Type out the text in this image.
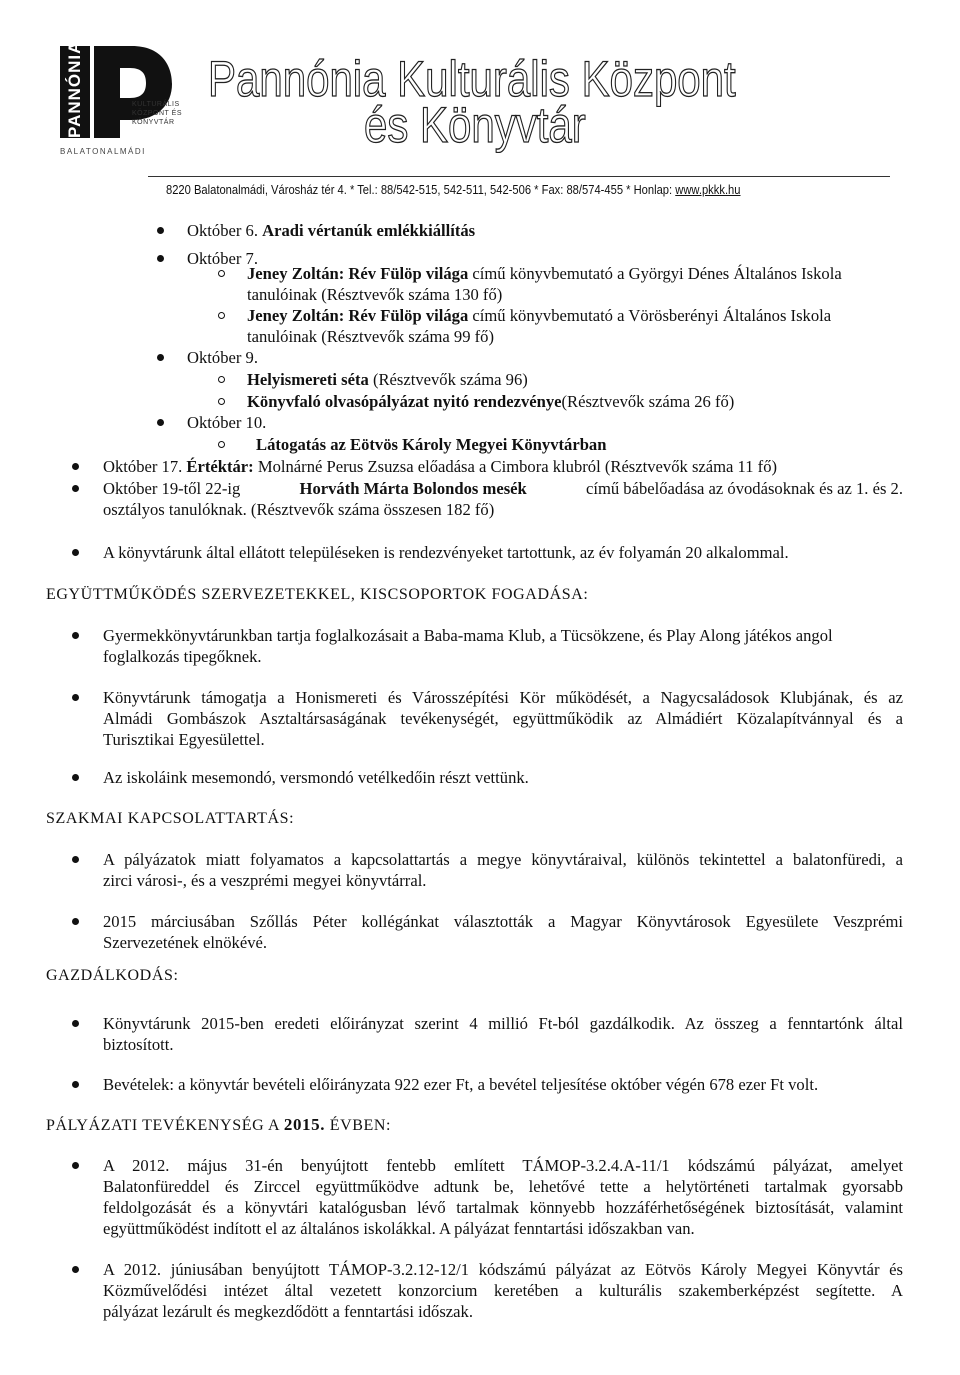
PANNÓNIA	KULTURÁLIS
KÖZPONT ÉS
KÖNYVTÁR
BALATONALMÁDI
Pannónia Kulturális Központ
és Könyvtár
8220 Balatonalmádi, Városház tér 4. * Tel.: 88/542-515, 542-511, 542-506 * Fax: 88/574-455 * Honlap: www.pkkk.hu
Október 6. Aradi vértanúk emlékkiállítás
Október 7.
Jeney Zoltán: Rév Fülöp világa című könyvbemutató a Györgyi Dénes Általános Iskola
tanulóinak (Résztvevők száma 130 fő)
Jeney Zoltán: Rév Fülöp világa című könyvbemutató a Vörösberényi Általános Iskola
tanulóinak (Résztvevők száma 99 fő)
Október 9.
Helyismereti séta (Résztvevők száma 96)
Könyvfaló olvasópályázat nyitó rendezvénye(Résztvevők száma 26 fő)
Október 10.
Látogatás az Eötvös Károly Megyei Könyvtárban
Október 17. Értéktár: Molnárné Perus Zsuzsa előadása a Cimbora klubról (Résztvevők száma 11 fő)
Október 19-től 22-ig	Horváth Márta Bolondos mesék	című bábelőadása az óvodásoknak és az 1. és 2.
osztályos tanulóknak. (Résztvevők száma összesen 182 fő)
A könyvtárunk által ellátott településeken is rendezvényeket tartottunk, az év folyamán 20 alkalommal.
EGYÜTTMŰKÖDÉS SZERVEZETEKKEL, KISCSOPORTOK FOGADÁSA:
Gyermekkönyvtárunkban tartja foglalkozásait a Baba-mama Klub, a Tücsökzene, és Play Along játékos angol
foglalkozás tipegőknek.
Könyvtárunk támogatja a Honismereti és Városszépítési Kör működését, a Nagycsaládosok Klubjának, és az
Almádi Gombászok Asztaltársaságának tevékenységét, együttműködik az Almádiért Közalapítvánnyal és a
Turisztikai Egyesülettel.
Az iskoláink mesemondó, versmondó vetélkedőin részt vettünk.
SZAKMAI KAPCSOLATTARTÁS:
A pályázatok miatt folyamatos a kapcsolattartás a megye könyvtáraival, különös tekintettel a balatonfüredi, a
zirci városi-, és a veszprémi megyei könyvtárral.
2015 márciusában Szőllás Péter kollégánkat választották a Magyar Könyvtárosok Egyesülete Veszprémi
Szervezetének elnökévé.
GAZDÁLKODÁS:
Könyvtárunk 2015-ben eredeti előirányzat szerint 4 millió Ft-ból gazdálkodik. Az összeg a fenntartónk által
biztosított.
Bevételek: a könyvtár bevételi előirányzata 922 ezer Ft, a bevétel teljesítése október végén 678 ezer Ft volt.
PÁLYÁZATI TEVÉKENYSÉG A 2015. ÉVBEN:
A 2012. május 31-én benyújtott fentebb említett TÁMOP-3.2.4.A-11/1 kódszámú pályázat, amelyet
Balatonfüreddel és Zirccel együttműködve adtunk be, lehetővé tette a helytörténeti tartalmak gyorsabb
feldolgozását és a könyvtári katalógusban lévő tartalmak könnyebb hozzáférhetőségének biztosítását, valamint
együttműködést indított el az általános iskolákkal. A pályázat fenntartási időszakban van.
A 2012. júniusában benyújtott TÁMOP-3.2.12-12/1 kódszámú pályázat az Eötvös Károly Megyei Könyvtár és
Közművelődési intézet által vezetett konzorcium keretében a kulturális szakemberképzést segítette. A
pályázat lezárult és megkezdődött a fenntartási időszak.
